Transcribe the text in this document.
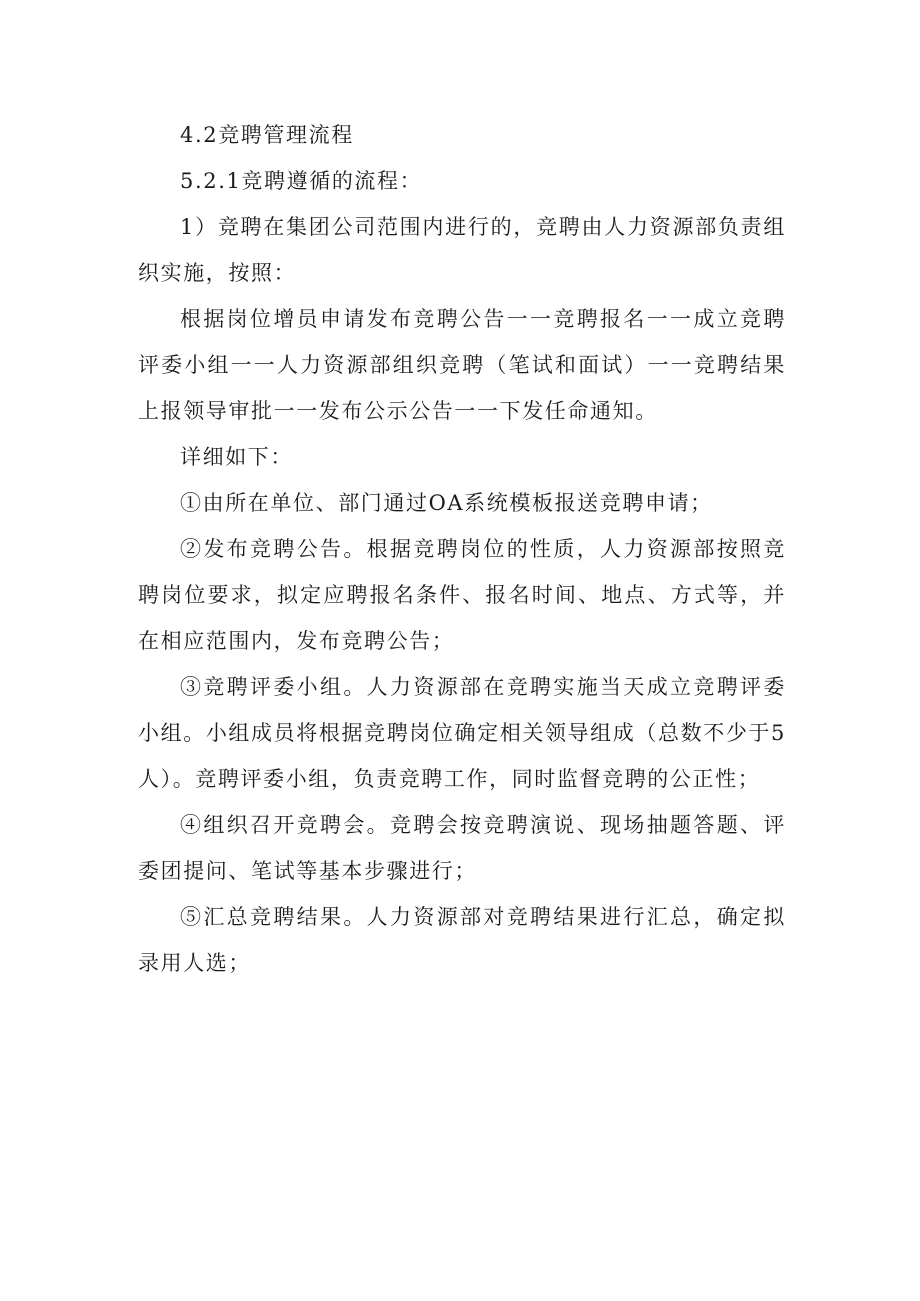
4.2竞聘管理流程

5.2.1竞聘遵循的流程：

1）竞聘在集团公司范围内进行的，竞聘由人力资源部负责组织实施，按照：

根据岗位增员申请发布竞聘公告一一竞聘报名一一成立竞聘评委小组一一人力资源部组织竞聘（笔试和面试）一一竞聘结果上报领导审批一一发布公示公告一一下发任命通知。

详细如下：

①由所在单位、部门通过OA系统模板报送竞聘申请；

②发布竞聘公告。根据竞聘岗位的性质，人力资源部按照竞聘岗位要求，拟定应聘报名条件、报名时间、地点、方式等，并在相应范围内，发布竞聘公告；

③竞聘评委小组。人力资源部在竞聘实施当天成立竞聘评委小组。小组成员将根据竞聘岗位确定相关领导组成（总数不少于5人）。竞聘评委小组，负责竞聘工作，同时监督竞聘的公正性；

④组织召开竞聘会。竞聘会按竞聘演说、现场抽题答题、评委团提问、笔试等基本步骤进行；

⑤汇总竞聘结果。人力资源部对竞聘结果进行汇总，确定拟录用人选；
